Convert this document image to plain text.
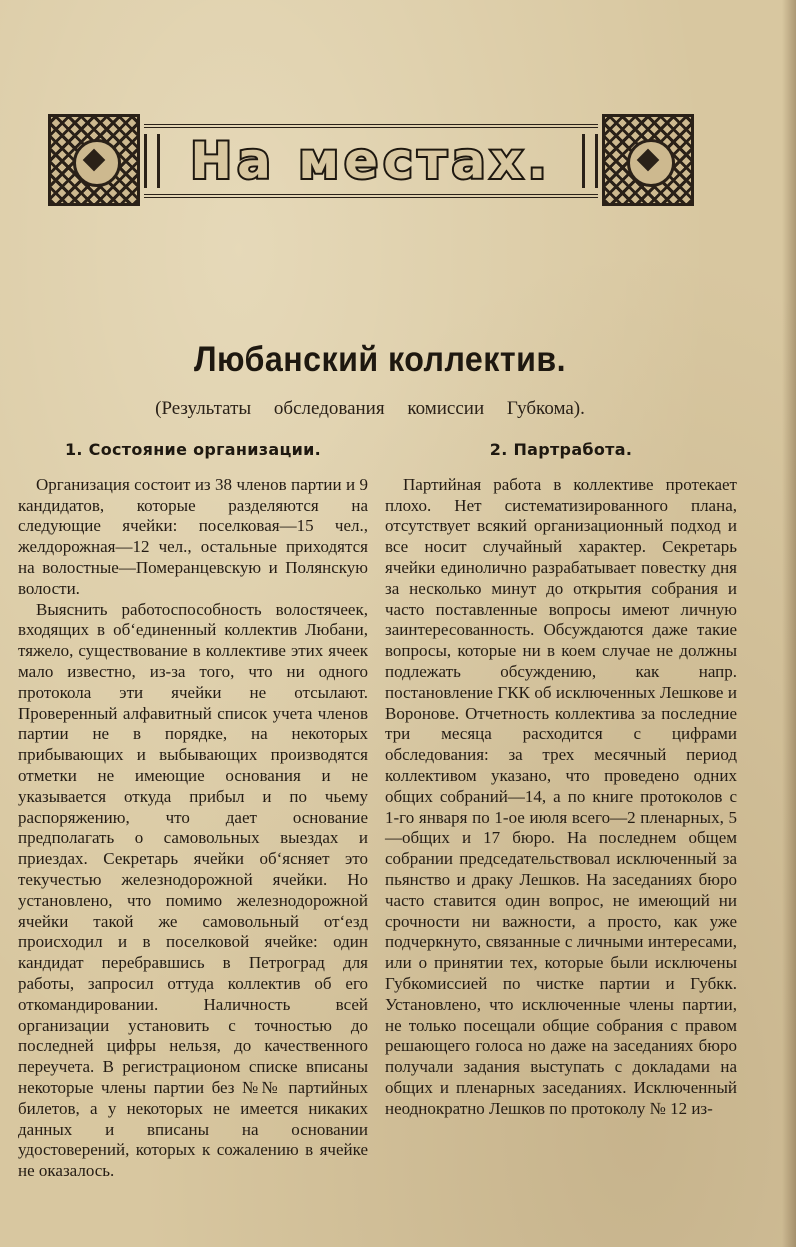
На местах.
Любанский коллектив.
(Результаты обследования комиссии Губкома).
1. Состояние организации.

Организация состоит из 38 членов партии и 9 кандидатов, которые разделяются на следующие ячейки: поселковая—15 чел., желдорожная—12 чел., остальные приходятся на волостные—Померанцевскую и Полянскую волости.

Выяснить работоспособность волостячеек, входящих в об‘единенный коллектив Любани, тяжело, существование в коллективе этих ячеек мало известно, из-за того, что ни одного протокола эти ячейки не отсылают. Проверенный алфавитный список учета членов партии не в порядке, на некоторых прибывающих и выбывающих производятся отметки не имеющие основания и не указывается откуда прибыл и по чьему распоряжению, что дает основание предполагать о самовольных выездах и приездах. Секретарь ячейки об‘ясняет это текучестью железнодорожной ячейки. Но установлено, что помимо железнодорожной ячейки такой же самовольный от‘езд происходил и в поселковой ячейке: один кандидат перебравшись в Петроград для работы, запросил оттуда коллектив об его откомандировании. Наличность всей организации установить с точностью до последней цифры нельзя, до качественного переучета. В регистрационом списке вписаны некоторые члены партии без №№ партийных билетов, а у некоторых не имеется никаких данных и вписаны на основании удостоверений, которых к сожалению в ячейке не оказалось.

2. Партработа.

Партийная работа в коллективе протекает плохо. Нет систематизированного плана, отсутствует всякий организационный подход и все носит случайный характер. Секретарь ячейки единолично разрабатывает повестку дня за несколько минут до открытия собрания и часто поставленные вопросы имеют личную заинтересованность. Обсуждаются даже такие вопросы, которые ни в коем случае не должны подлежать обсуждению, как напр. постановление ГКК об исключенных Лешкове и Воронове. Отчетность коллектива за последние три месяца расходится с цифрами обследования: за трех месячный период коллективом указано, что проведено одних общих собраний—14, а по книге протоколов с 1-го января по 1-ое июля всего—2 пленарных, 5—общих и 17 бюро. На последнем общем собрании председательствовал исключенный за пьянство и драку Лешков. На заседаниях бюро часто ставится один вопрос, не имеющий ни срочности ни важности, а просто, как уже подчеркнуто, связанные с личными интересами, или о принятии тех, которые были исключены Губкомиссией по чистке партии и Губкк. Установлено, что исключенные члены партии, не только посещали общие собрания с правом решающего голоса но даже на заседаниях бюро получали задания выступать с докладами на общих и пленарных заседаниях. Исключенный неоднократно Лешков по протоколу № 12 из-
